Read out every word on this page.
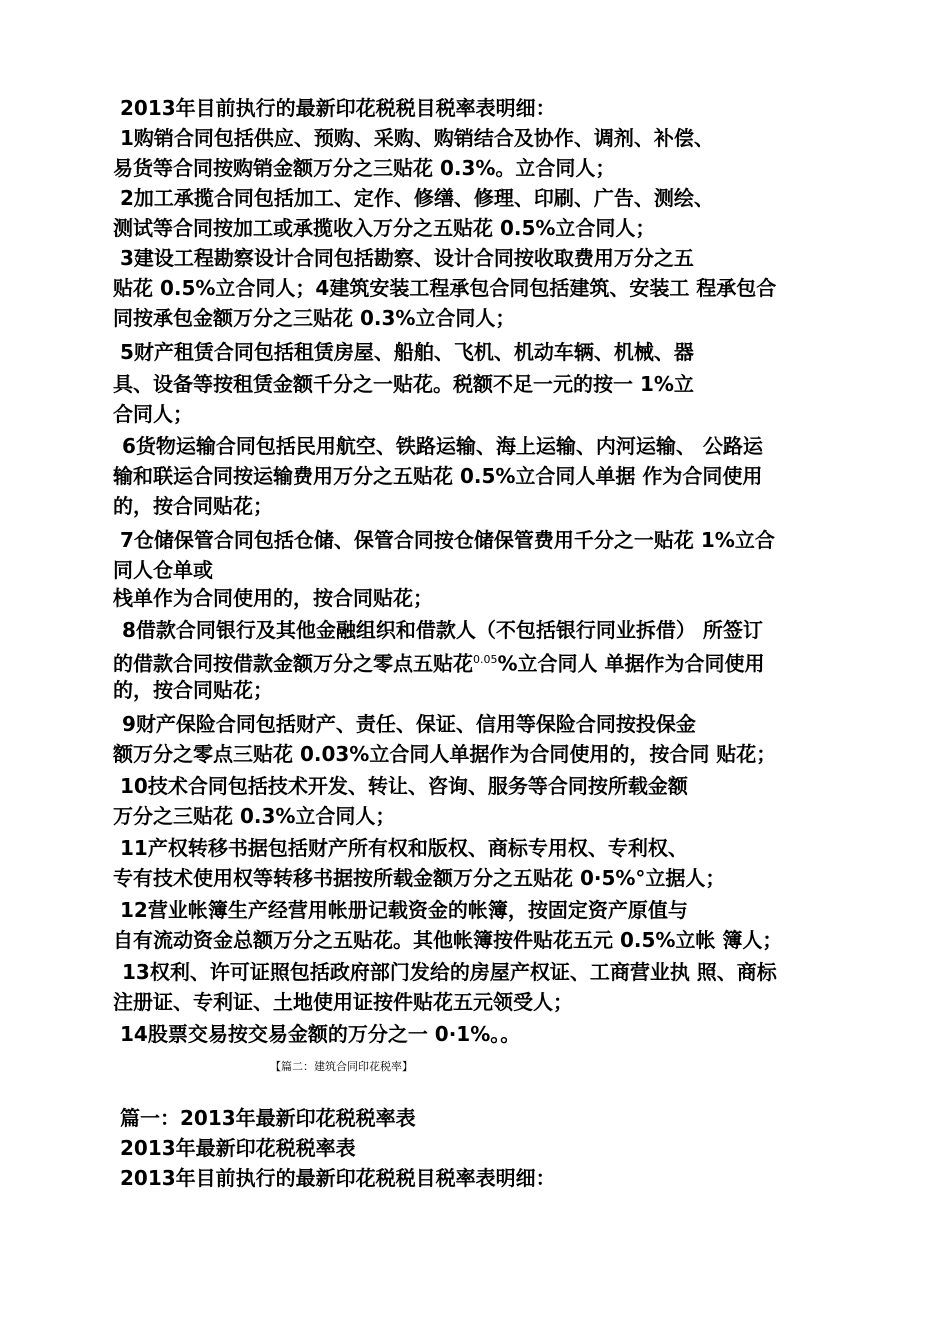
2013年目前执行的最新印花税税目税率表明细：
1购销合同包括供应、预购、采购、购销结合及协作、调剂、补偿、
易货等合同按购销金额万分之三贴花 0.3%。立合同人；
2加工承揽合同包括加工、定作、修缮、修理、印刷、广告、测绘、
测试等合同按加工或承揽收入万分之五贴花 0.5%立合同人；
3建设工程勘察设计合同包括勘察、设计合同按收取费用万分之五
贴花 0.5%立合同人；4建筑安装工程承包合同包括建筑、安装工 程承包合
同按承包金额万分之三贴花 0.3%立合同人；
5财产租赁合同包括租赁房屋、船舶、飞机、机动车辆、机械、器
具、设备等按租赁金额千分之一贴花。税额不足一元的按一 1%立
合同人；
6货物运输合同包括民用航空、铁路运输、海上运输、内河运输、 公路运
输和联运合同按运输费用万分之五贴花 0.5%立合同人单据 作为合同使用
的，按合同贴花；
7仓储保管合同包括仓储、保管合同按仓储保管费用千分之一贴花 1%立合
同人仓单或
栈单作为合同使用的，按合同贴花；
8借款合同银行及其他金融组织和借款人（不包括银行同业拆借） 所签订
的借款合同按借款金额万分之零点五贴花$^{0.05}$%立合同人 单据作为合同使用
的，按合同贴花；
9财产保险合同包括财产、责任、保证、信用等保险合同按投保金
额万分之零点三贴花 0.03%立合同人单据作为合同使用的，按合同 贴花；
10技术合同包括技术开发、转让、咨询、服务等合同按所载金额
万分之三贴花 0.3%立合同人；
11产权转移书据包括财产所有权和版权、商标专用权、专利权、
专有技术使用权等转移书据按所载金额万分之五贴花 0·5%°立据人；
12营业帐簿生产经营用帐册记载资金的帐簿，按固定资产原值与
自有流动资金总额万分之五贴花。其他帐簿按件贴花五元 0.5%立帐 簿人；
13权利、许可证照包括政府部门发给的房屋产权证、工商营业执 照、商标
注册证、专利证、土地使用证按件贴花五元领受人；
14股票交易按交易金额的万分之一 0·1%。。
【篇二：建筑合同印花税率】
篇一：2013年最新印花税税率表
2013年最新印花税税率表
2013年目前执行的最新印花税税目税率表明细：
